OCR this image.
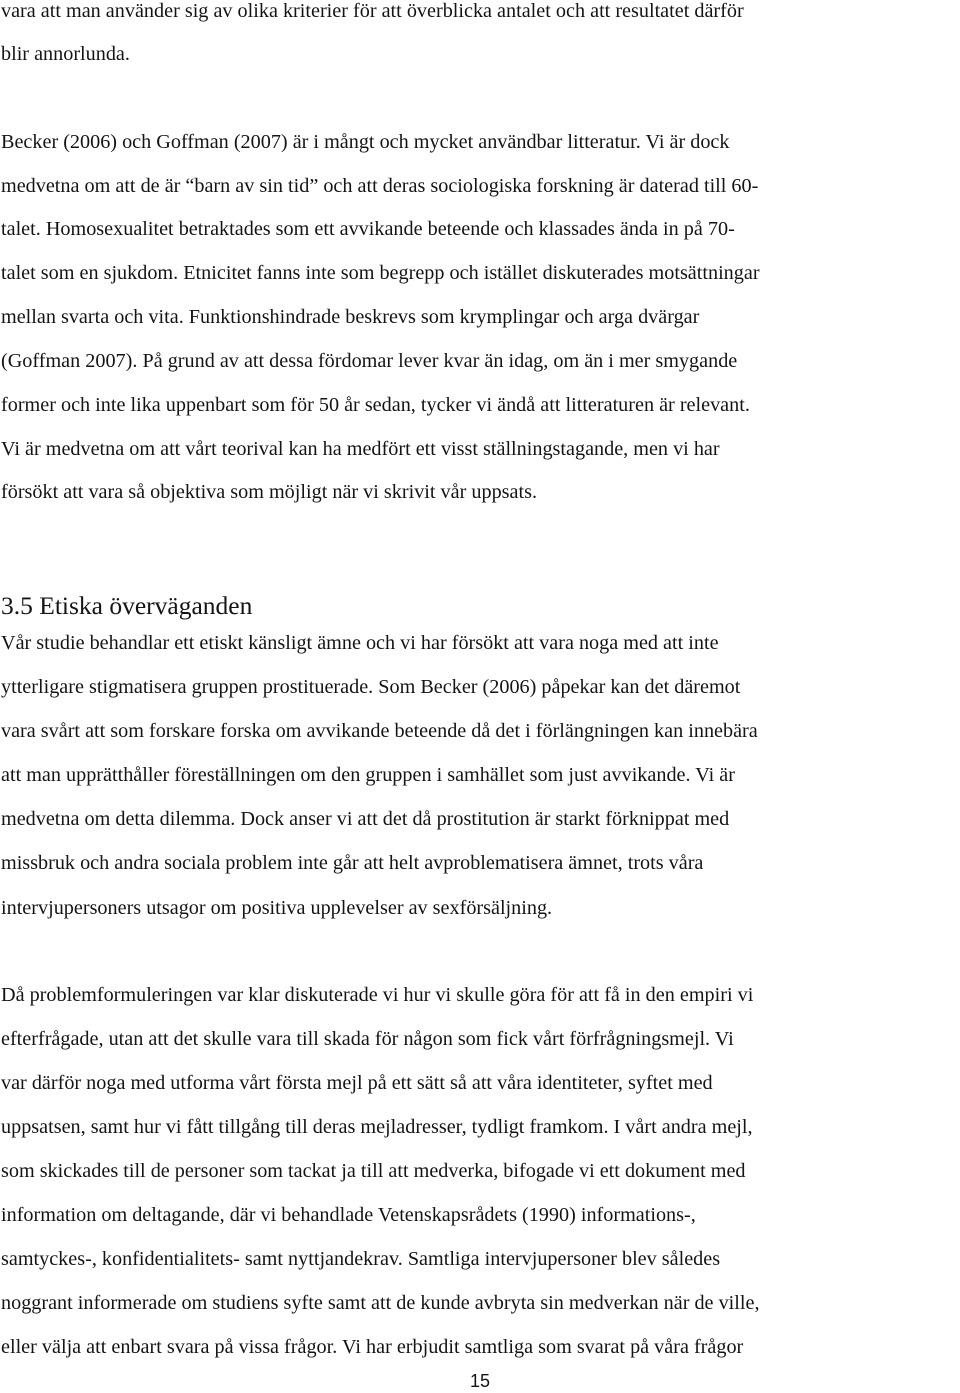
vara att man använder sig av olika kriterier för att överblicka antalet och att resultatet därför
blir annorlunda.
Becker (2006) och Goffman (2007) är i mångt och mycket användbar litteratur. Vi är dock
medvetna om att de är “barn av sin tid” och att deras sociologiska forskning är daterad till 60-
talet. Homosexualitet betraktades som ett avvikande beteende och klassades ända in på 70-
talet som en sjukdom. Etnicitet fanns inte som begrepp och istället diskuterades motsättningar
mellan svarta och vita. Funktionshindrade beskrevs som krymplingar och arga dvärgar
(Goffman 2007). På grund av att dessa fördomar lever kvar än idag, om än i mer smygande
former och inte lika uppenbart som för 50 år sedan, tycker vi ändå att litteraturen är relevant.
Vi är medvetna om att vårt teorival kan ha medfört ett visst ställningstagande, men vi har
försökt att vara så objektiva som möjligt när vi skrivit vår uppsats.
3.5 Etiska överväganden
Vår studie behandlar ett etiskt känsligt ämne och vi har försökt att vara noga med att inte
ytterligare stigmatisera gruppen prostituerade. Som Becker (2006) påpekar kan det däremot
vara svårt att som forskare forska om avvikande beteende då det i förlängningen kan innebära
att man upprätthåller föreställningen om den gruppen i samhället som just avvikande. Vi är
medvetna om detta dilemma. Dock anser vi att det då prostitution är starkt förknippat med
missbruk och andra sociala problem inte går att helt avproblematisera ämnet, trots våra
intervjupersoners utsagor om positiva upplevelser av sexförsäljning.
Då problemformuleringen var klar diskuterade vi hur vi skulle göra för att få in den empiri vi
efterfrågade, utan att det skulle vara till skada för någon som fick vårt förfrågningsmejl. Vi
var därför noga med utforma vårt första mejl på ett sätt så att våra identiteter, syftet med
uppsatsen, samt hur vi fått tillgång till deras mejladresser, tydligt framkom. I vårt andra mejl,
som skickades till de personer som tackat ja till att medverka, bifogade vi ett dokument med
information om deltagande, där vi behandlade Vetenskapsrådets (1990) informations-,
samtyckes-, konfidentialitets- samt nyttjandekrav. Samtliga intervjupersoner blev således
noggrant informerade om studiens syfte samt att de kunde avbryta sin medverkan när de ville,
eller välja att enbart svara på vissa frågor. Vi har erbjudit samtliga som svarat på våra frågor
15
